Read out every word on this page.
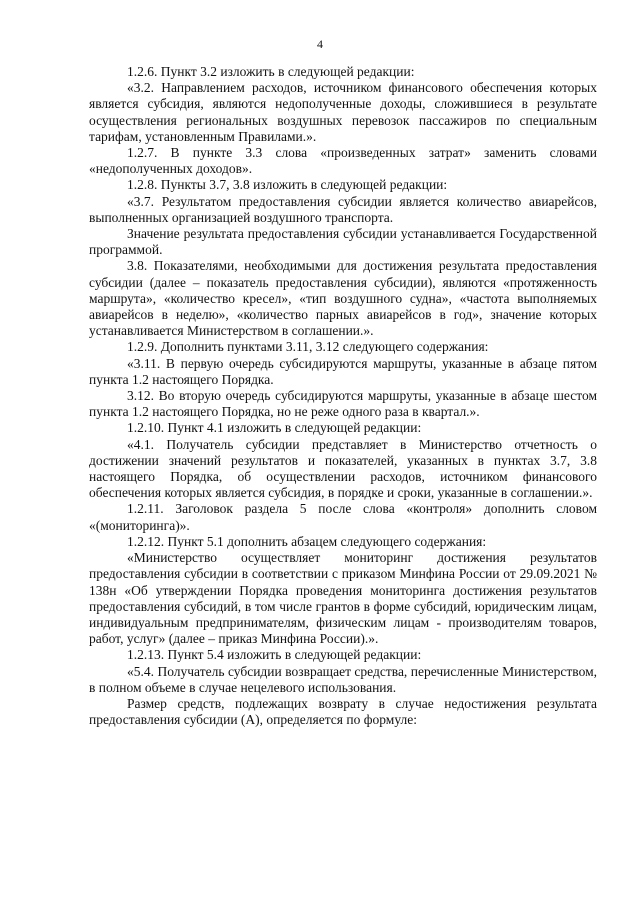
4

1.2.6. Пункт 3.2 изложить в следующей редакции:

«3.2. Направлением расходов, источником финансового обеспечения которых является субсидия, являются недополученные доходы, сложившиеся в результате осуществления региональных воздушных перевозок пассажиров по специальным тарифам, установленным Правилами.».

1.2.7. В пункте 3.3 слова «произведенных затрат» заменить словами «недополученных доходов».

1.2.8. Пункты 3.7, 3.8 изложить в следующей редакции:

«3.7. Результатом предоставления субсидии является количество авиарейсов, выполненных организацией воздушного транспорта.

Значение результата предоставления субсидии устанавливается Государственной программой.

3.8. Показателями, необходимыми для достижения результата предоставления субсидии (далее – показатель предоставления субсидии), являются «протяженность маршрута», «количество кресел», «тип воздушного судна», «частота выполняемых авиарейсов в неделю», «количество парных авиарейсов в год», значение которых устанавливается Министерством в соглашении.».

1.2.9. Дополнить пунктами 3.11, 3.12 следующего содержания:

«3.11. В первую очередь субсидируются маршруты, указанные в абзаце пятом пункта 1.2 настоящего Порядка.

3.12. Во вторую очередь субсидируются маршруты, указанные в абзаце шестом пункта 1.2 настоящего Порядка, но не реже одного раза в квартал.».

1.2.10. Пункт 4.1 изложить в следующей редакции:

«4.1. Получатель субсидии представляет в Министерство отчетность о достижении значений результатов и показателей, указанных в пунктах 3.7, 3.8 настоящего Порядка, об осуществлении расходов, источником финансового обеспечения которых является субсидия, в порядке и сроки, указанные в соглашении.».

1.2.11. Заголовок раздела 5 после слова «контроля» дополнить словом «(мониторинга)».

1.2.12. Пункт 5.1 дополнить абзацем следующего содержания:

«Министерство осуществляет мониторинг достижения результатов предоставления субсидии в соответствии с приказом Минфина России от 29.09.2021 № 138н «Об утверждении Порядка проведения мониторинга достижения результатов предоставления субсидий, в том числе грантов в форме субсидий, юридическим лицам, индивидуальным предпринимателям, физическим лицам - производителям товаров, работ, услуг» (далее – приказ Минфина России).».

1.2.13. Пункт 5.4 изложить в следующей редакции:

«5.4. Получатель субсидии возвращает средства, перечисленные Министерством, в полном объеме в случае нецелевого использования.

Размер средств, подлежащих возврату в случае недостижения результата предоставления субсидии (А), определяется по формуле:
